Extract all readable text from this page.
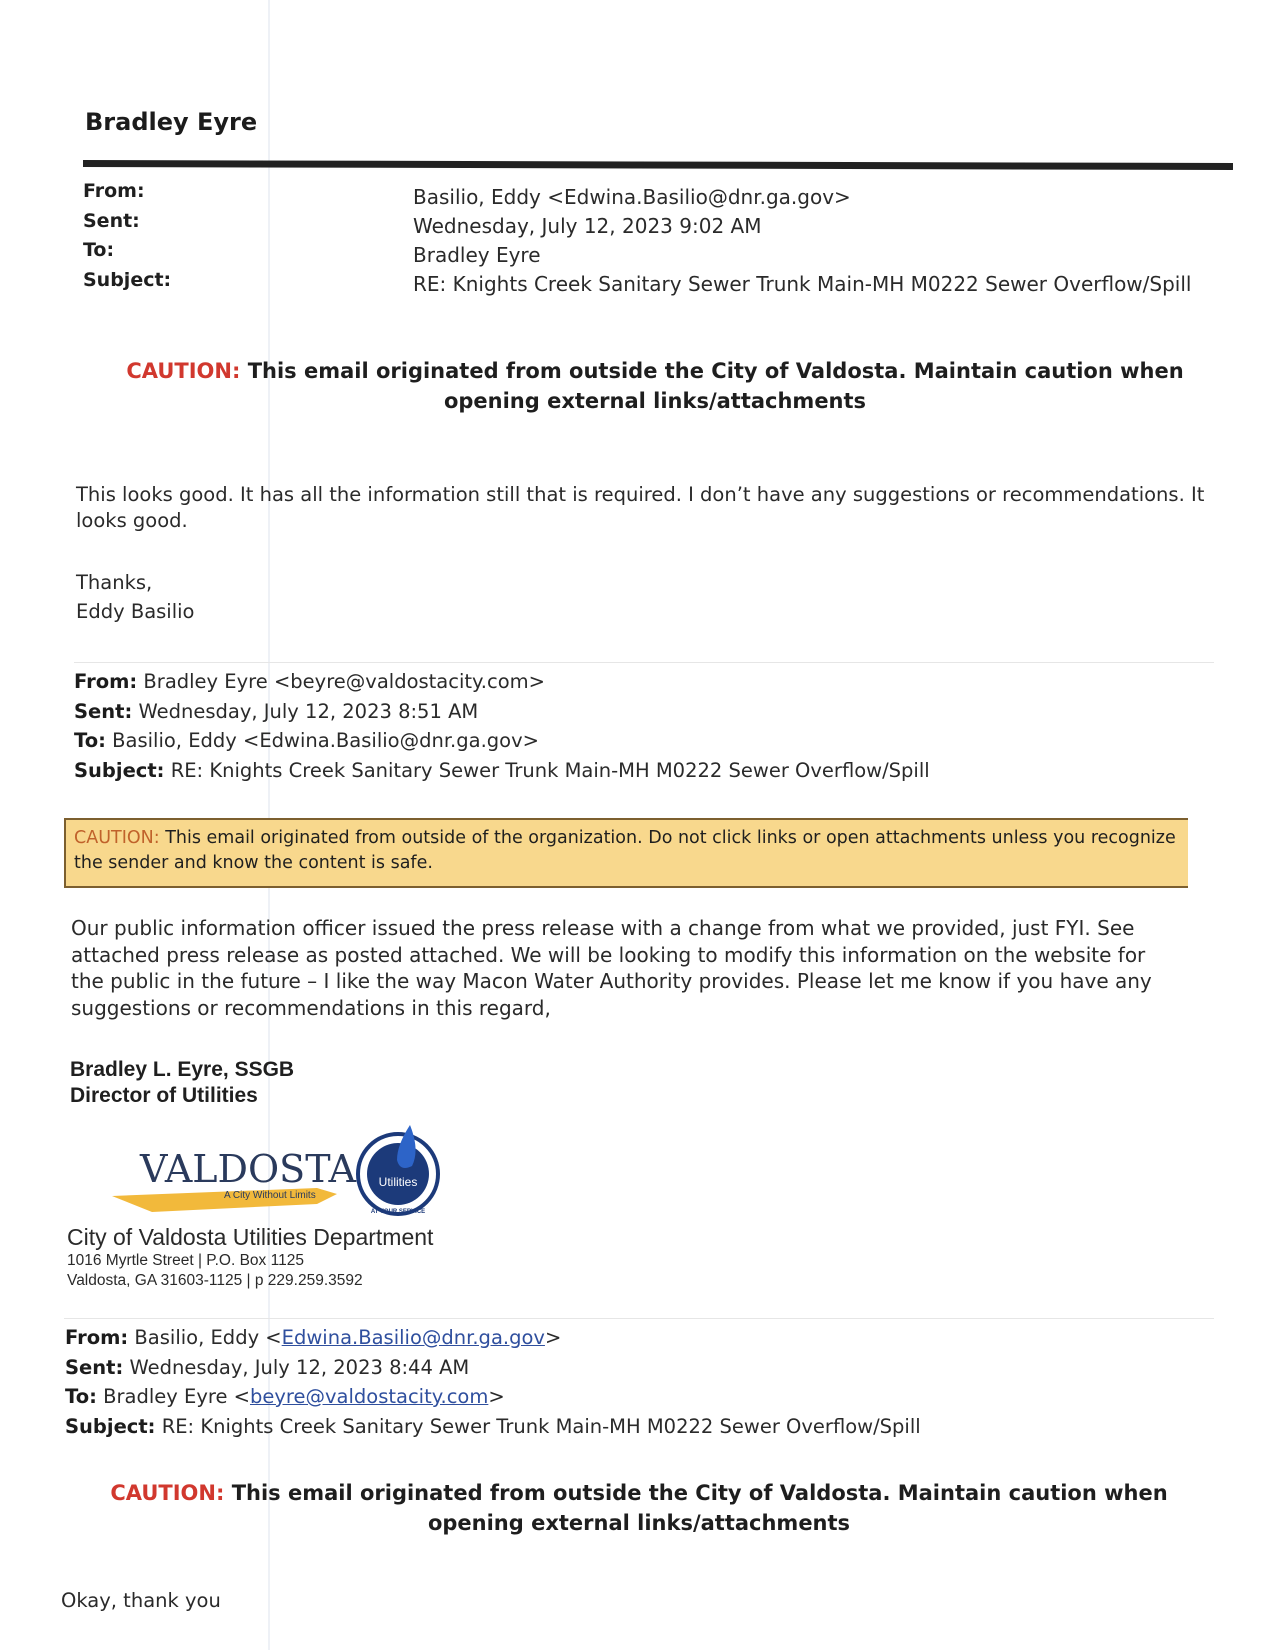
Bradley Eyre
From:
Sent:
To:
Subject:
Basilio, Eddy <Edwina.Basilio@dnr.ga.gov>
Wednesday, July 12, 2023 9:02 AM
Bradley Eyre
RE: Knights Creek Sanitary Sewer Trunk Main-MH M0222 Sewer Overflow/Spill
CAUTION: This email originated from outside the City of Valdosta. Maintain caution when opening external links/attachments
This looks good. It has all the information still that is required. I don’t have any suggestions or recommendations. It looks good.
Thanks,
Eddy Basilio
From: Bradley Eyre <beyre@valdostacity.com>
Sent: Wednesday, July 12, 2023 8:51 AM
To: Basilio, Eddy <Edwina.Basilio@dnr.ga.gov>
Subject: RE: Knights Creek Sanitary Sewer Trunk Main-MH M0222 Sewer Overflow/Spill
CAUTION: This email originated from outside of the organization. Do not click links or open attachments unless you recognize the sender and know the content is safe.
Our public information officer issued the press release with a change from what we provided, just FYI. See attached press release as posted attached. We will be looking to modify this information on the website for the public in the future – I like the way Macon Water Authority provides. Please let me know if you have any suggestions or recommendations in this regard,
Bradley L. Eyre, SSGB
Director of Utilities
VALDOSTA
A City Without Limits
Utilities
AT YOUR SERVICE
City of Valdosta Utilities Department
1016 Myrtle Street | P.O. Box 1125
Valdosta, GA 31603-1125 | p 229.259.3592
From: Basilio, Eddy <Edwina.Basilio@dnr.ga.gov>
Sent: Wednesday, July 12, 2023 8:44 AM
To: Bradley Eyre <beyre@valdostacity.com>
Subject: RE: Knights Creek Sanitary Sewer Trunk Main-MH M0222 Sewer Overflow/Spill
CAUTION: This email originated from outside the City of Valdosta. Maintain caution when opening external links/attachments
Okay, thank you
